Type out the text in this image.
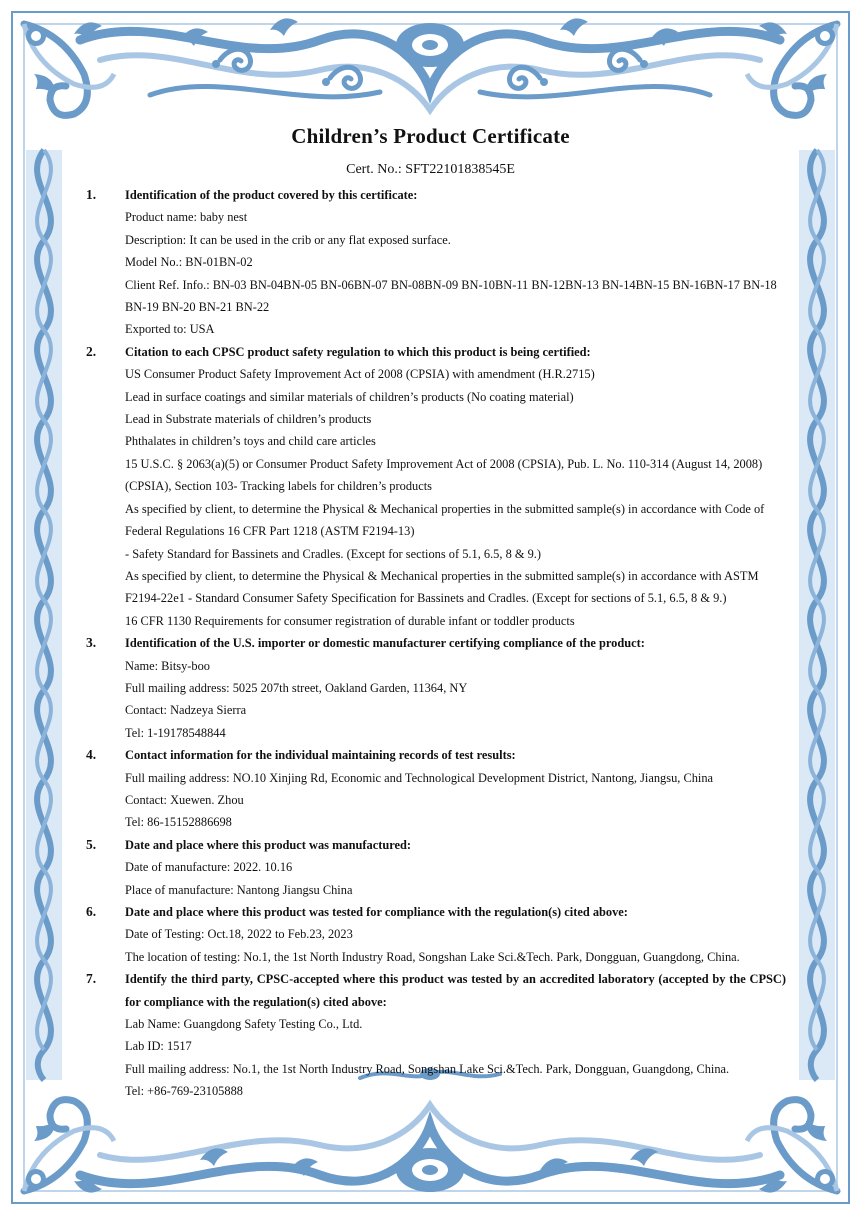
Children’s Product Certificate
Cert. No.: SFT22101838545E
1.	Identification of the product covered by this certificate:
Product name: baby nest
Description: It can be used in the crib or any flat exposed surface.
Model No.: BN-01BN-02
Client Ref. Info.: BN-03 BN-04BN-05 BN-06BN-07 BN-08BN-09 BN-10BN-11 BN-12BN-13 BN-14BN-15 BN-16BN-17 BN-18 BN-19 BN-20 BN-21 BN-22
Exported to: USA
2.	Citation to each CPSC product safety regulation to which this product is being certified:
US Consumer Product Safety Improvement Act of 2008 (CPSIA) with amendment (H.R.2715)
Lead in surface coatings and similar materials of children’s products (No coating material)
Lead in Substrate materials of children’s products
Phthalates in children’s toys and child care articles
15 U.S.C. § 2063(a)(5) or Consumer Product Safety Improvement Act of 2008 (CPSIA), Pub. L. No. 110-314 (August 14, 2008) (CPSIA), Section 103- Tracking labels for children’s products
As specified by client, to determine the Physical & Mechanical properties in the submitted sample(s) in accordance with Code of Federal Regulations 16 CFR Part 1218 (ASTM F2194-13)
- Safety Standard for Bassinets and Cradles. (Except for sections of 5.1, 6.5, 8 & 9.)
As specified by client, to determine the Physical & Mechanical properties in the submitted sample(s) in accordance with ASTM F2194-22e1 - Standard Consumer Safety Specification for Bassinets and Cradles. (Except for sections of 5.1, 6.5, 8 & 9.)
16 CFR 1130 Requirements for consumer registration of durable infant or toddler products
3.	Identification of the U.S. importer or domestic manufacturer certifying compliance of the product:
Name: Bitsy-boo
Full mailing address: 5025 207th street, Oakland Garden, 11364, NY
Contact: Nadzeya Sierra
Tel: 1-19178548844
4.	Contact information for the individual maintaining records of test results:
Full mailing address: NO.10 Xinjing Rd, Economic and Technological Development District, Nantong, Jiangsu, China
Contact: Xuewen. Zhou
Tel: 86-15152886698
5.	Date and place where this product was manufactured:
Date of manufacture: 2022. 10.16
Place of manufacture: Nantong Jiangsu China
6.	Date and place where this product was tested for compliance with the regulation(s) cited above:
Date of Testing: Oct.18, 2022 to Feb.23, 2023
The location of testing: No.1, the 1st North Industry Road, Songshan Lake Sci.&Tech. Park, Dongguan, Guangdong, China.
7.	Identify the third party, CPSC-accepted where this product was tested by an accredited laboratory (accepted by the CPSC) for compliance with the regulation(s) cited above:
Lab Name: Guangdong Safety Testing Co., Ltd.
Lab ID: 1517
Full mailing address: No.1, the 1st North Industry Road, Songshan Lake Sci.&Tech. Park, Dongguan, Guangdong, China.
Tel: +86-769-23105888
